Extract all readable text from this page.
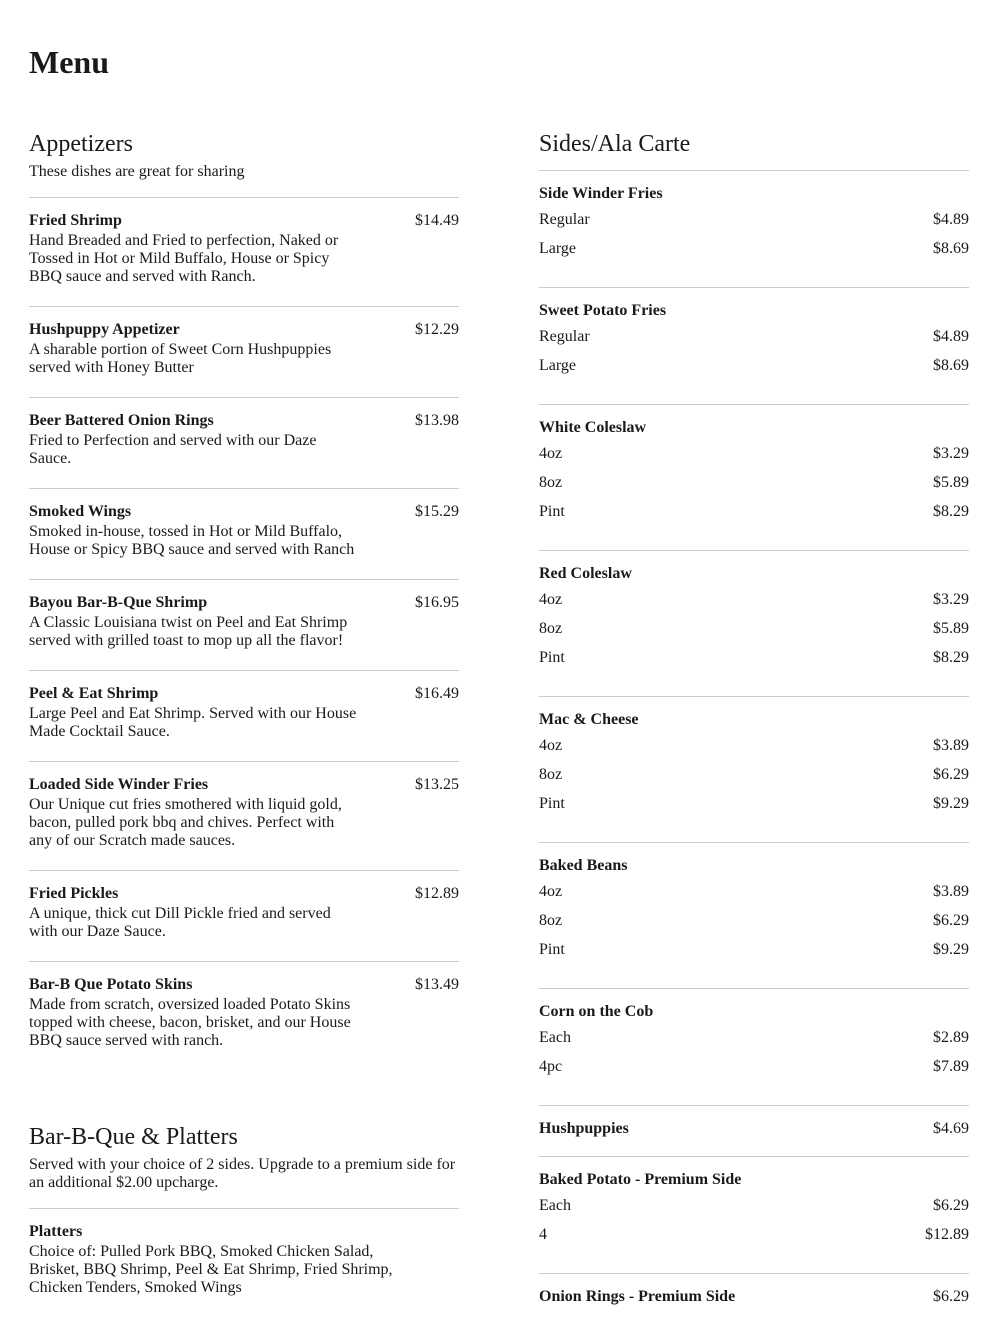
Menu
Appetizers
These dishes are great for sharing
Fried Shrimp	$14.49
Hand Breaded and Fried to perfection, Naked or Tossed in Hot or Mild Buffalo, House or Spicy BBQ sauce and served with Ranch.
Hushpuppy Appetizer	$12.29
A sharable portion of Sweet Corn Hushpuppies served with Honey Butter
Beer Battered Onion Rings	$13.98
Fried to Perfection and served with our Daze Sauce.
Smoked Wings	$15.29
Smoked in-house, tossed in Hot or Mild Buffalo, House or Spicy BBQ sauce and served with Ranch
Bayou Bar-B-Que Shrimp	$16.95
A Classic Louisiana twist on Peel and Eat Shrimp served with grilled toast to mop up all the flavor!
Peel & Eat Shrimp	$16.49
Large Peel and Eat Shrimp. Served with our House Made Cocktail Sauce.
Loaded Side Winder Fries	$13.25
Our Unique cut fries smothered with liquid gold, bacon, pulled pork bbq and chives. Perfect with any of our Scratch made sauces.
Fried Pickles	$12.89
A unique, thick cut Dill Pickle fried and served with our Daze Sauce.
Bar-B Que Potato Skins	$13.49
Made from scratch, oversized loaded Potato Skins topped with cheese, bacon, brisket, and our House BBQ sauce served with ranch.
Bar-B-Que & Platters
Served with your choice of 2 sides. Upgrade to a premium side for an additional $2.00 upcharge.
Platters
Choice of: Pulled Pork BBQ, Smoked Chicken Salad, Brisket, BBQ Shrimp, Peel & Eat Shrimp, Fried Shrimp, Chicken Tenders, Smoked Wings
Sides/Ala Carte
Side Winder Fries
Regular	$4.89
Large	$8.69
Sweet Potato Fries
Regular	$4.89
Large	$8.69
White Coleslaw
4oz	$3.29
8oz	$5.89
Pint	$8.29
Red Coleslaw
4oz	$3.29
8oz	$5.89
Pint	$8.29
Mac & Cheese
4oz	$3.89
8oz	$6.29
Pint	$9.29
Baked Beans
4oz	$3.89
8oz	$6.29
Pint	$9.29
Corn on the Cob
Each	$2.89
4pc	$7.89
Hushpuppies	$4.69
Baked Potato - Premium Side
Each	$6.29
4	$12.89
Onion Rings - Premium Side	$6.29
